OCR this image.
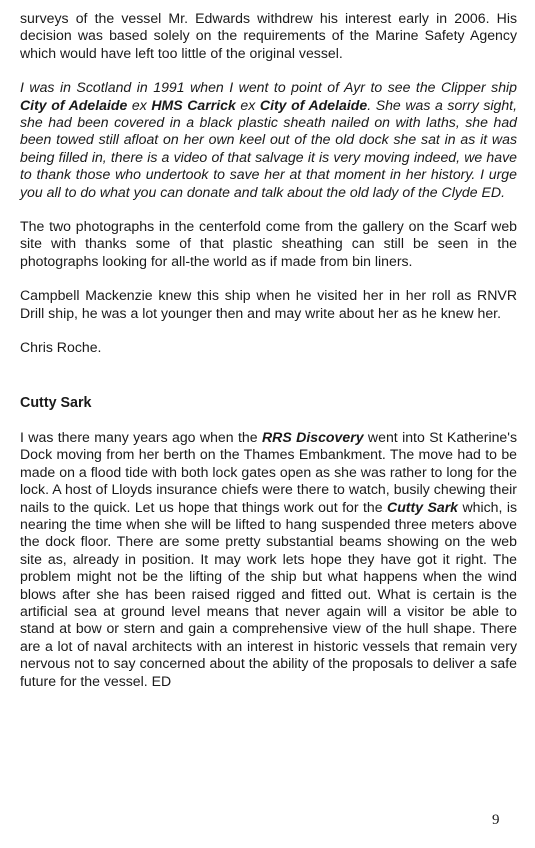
surveys of the vessel Mr. Edwards withdrew his interest early in 2006. His decision was based solely on the requirements of the Marine Safety Agency which would have left too little of the original vessel.

I was in Scotland in 1991 when I went to point of Ayr to see the Clipper ship City of Adelaide ex HMS Carrick ex City of Adelaide. She was a sorry sight, she had been covered in a black plastic sheath nailed on with laths, she had been towed still afloat on her own keel out of the old dock she sat in as it was being filled in, there is a video of that salvage it is very moving indeed, we have to thank those who undertook to save her at that moment in her history. I urge you all to do what you can donate and talk about the old lady of the Clyde ED.

The two photographs in the centerfold come from the gallery on the Scarf web site with thanks some of that plastic sheathing can still be seen in the photographs looking for all-the world as if made from bin liners.

Campbell Mackenzie knew this ship when he visited her in her roll as RNVR Drill ship, he was a lot younger then and may write about her as he knew her.

Chris Roche.

Cutty Sark

I was there many years ago when the RRS Discovery went into St Katherine's Dock moving from her berth on the Thames Embankment. The move had to be made on a flood tide with both lock gates open as she was rather to long for the lock. A host of Lloyds insurance chiefs were there to watch, busily chewing their nails to the quick. Let us hope that things work out for the Cutty Sark which, is nearing the time when she will be lifted to hang suspended three meters above the dock floor. There are some pretty substantial beams showing on the web site as, already in position. It may work lets hope they have got it right. The problem might not be the lifting of the ship but what happens when the wind blows after she has been raised rigged and fitted out. What is certain is the artificial sea at ground level means that never again will a visitor be able to stand at bow or stern and gain a comprehensive view of the hull shape. There are a lot of naval architects with an interest in historic vessels that remain very nervous not to say concerned about the ability of the proposals to deliver a safe future for the vessel. ED

9
